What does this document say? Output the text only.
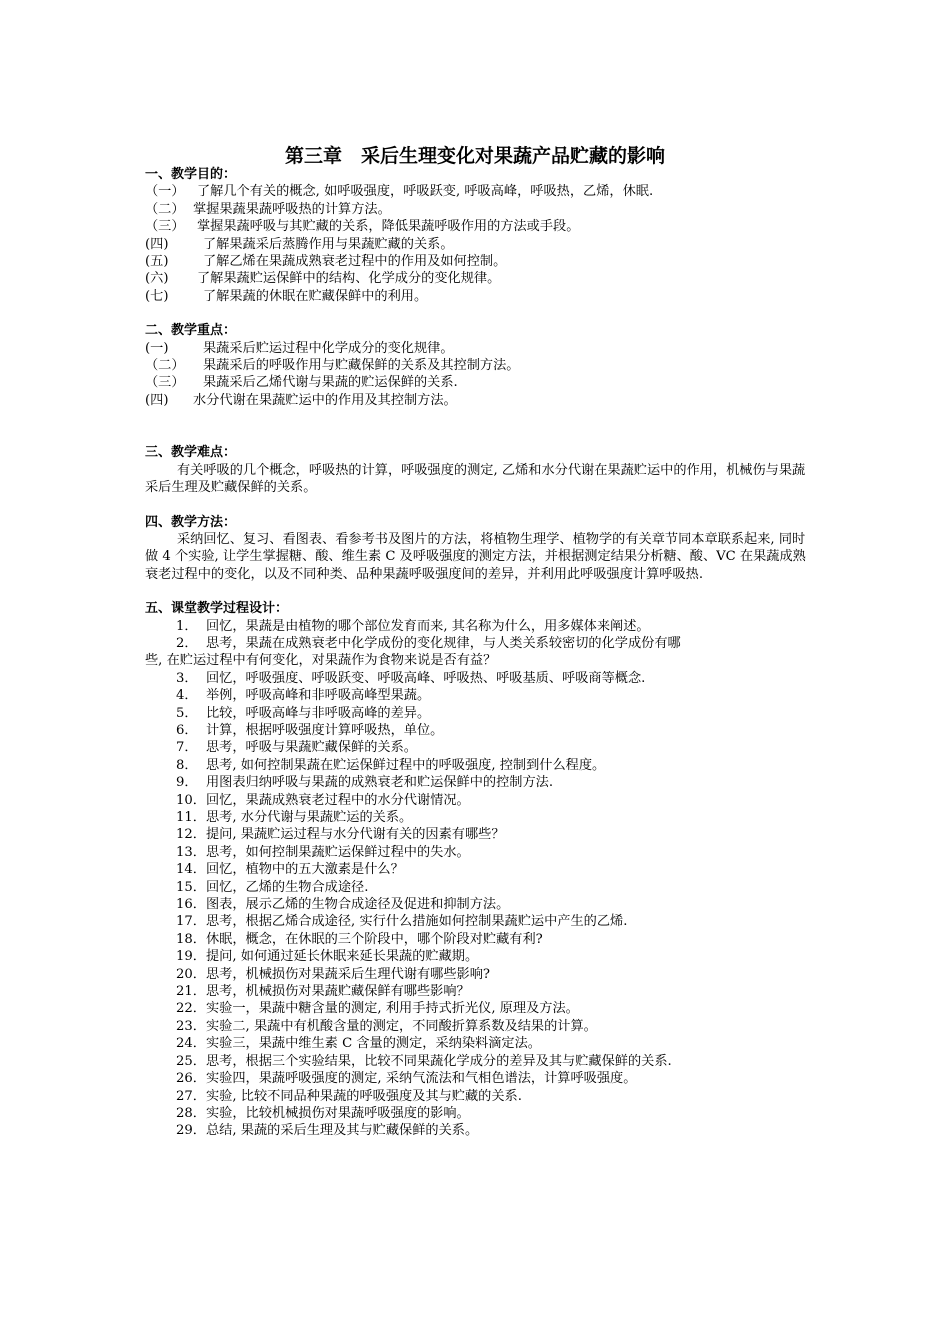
第三章　采后生理变化对果蔬产品贮藏的影响
一、教学目的：
（一） 了解几个有关的概念, 如呼吸强度，呼吸跃变, 呼吸高峰，呼吸热，乙烯，休眠.
（二） 掌握果蔬果蔬呼吸热的计算方法。
（三） 掌握果蔬呼吸与其贮藏的关系，降低果蔬呼吸作用的方法或手段。
(四)	了解果蔬采后蒸腾作用与果蔬贮藏的关系。
(五)	了解乙烯在果蔬成熟衰老过程中的作用及如何控制。
(六)	了解果蔬贮运保鲜中的结构、化学成分的变化规律。
(七)	了解果蔬的休眠在贮藏保鲜中的利用。
二、教学重点：
(一)	果蔬采后贮运过程中化学成分的变化规律。
（二）	果蔬采后的呼吸作用与贮藏保鲜的关系及其控制方法。
（三）	果蔬采后乙烯代谢与果蔬的贮运保鲜的关系.
(四)	水分代谢在果蔬贮运中的作用及其控制方法。
三、教学难点：
有关呼吸的几个概念，呼吸热的计算，呼吸强度的测定, 乙烯和水分代谢在果蔬贮运中的作用，机械伤与果蔬采后生理及贮藏保鲜的关系。
四、教学方法：
采纳回忆、复习、看图表、看参考书及图片的方法，将植物生理学、植物学的有关章节同本章联系起来, 同时做 4 个实验, 让学生掌握糖、酸、维生素 C 及呼吸强度的测定方法，并根据测定结果分析糖、酸、VC 在果蔬成熟衰老过程中的变化，以及不同种类、品种果蔬呼吸强度间的差异，并利用此呼吸强度计算呼吸热.
五、课堂教学过程设计：
1． 回忆，果蔬是由植物的哪个部位发育而来, 其名称为什么，用多媒体来阐述。
2． 思考，果蔬在成熟衰老中化学成份的变化规律，与人类关系较密切的化学成份有哪
些, 在贮运过程中有何变化，对果蔬作为食物来说是否有益？
3． 回忆，呼吸强度、呼吸跃变、呼吸高峰、呼吸热、呼吸基质、呼吸商等概念.
4． 举例，呼吸高峰和非呼吸高峰型果蔬。
5． 比较，呼吸高峰与非呼吸高峰的差异。
6． 计算，根据呼吸强度计算呼吸热，单位。
7． 思考，呼吸与果蔬贮藏保鲜的关系。
8． 思考, 如何控制果蔬在贮运保鲜过程中的呼吸强度, 控制到什么程度。
9． 用图表归纳呼吸与果蔬的成熟衰老和贮运保鲜中的控制方法.
10．回忆，果蔬成熟衰老过程中的水分代谢情况。
11．思考, 水分代谢与果蔬贮运的关系。
12．提问, 果蔬贮运过程与水分代谢有关的因素有哪些？
13．思考，如何控制果蔬贮运保鲜过程中的失水。
14．回忆，植物中的五大激素是什么？
15．回忆，乙烯的生物合成途径.
16．图表，展示乙烯的生物合成途径及促进和抑制方法。
17．思考，根据乙烯合成途径, 实行什么措施如何控制果蔬贮运中产生的乙烯.
18．休眠，概念，在休眠的三个阶段中，哪个阶段对贮藏有利?
19．提问, 如何通过延长休眠来延长果蔬的贮藏期。
20．思考，机械损伤对果蔬采后生理代谢有哪些影响?
21．思考，机械损伤对果蔬贮藏保鲜有哪些影响？
22．实验一，果蔬中糖含量的测定, 利用手持式折光仪, 原理及方法。
23．实验二, 果蔬中有机酸含量的测定，不同酸折算系数及结果的计算。
24．实验三，果蔬中维生素 C 含量的测定，采纳染料滴定法。
25．思考，根据三个实验结果，比较不同果蔬化学成分的差异及其与贮藏保鲜的关系.
26．实验四，果蔬呼吸强度的测定, 采纳气流法和气相色谱法，计算呼吸强度。
27．实验, 比较不同品种果蔬的呼吸强度及其与贮藏的关系.
28．实验，比较机械损伤对果蔬呼吸强度的影响。
29．总结, 果蔬的采后生理及其与贮藏保鲜的关系。
